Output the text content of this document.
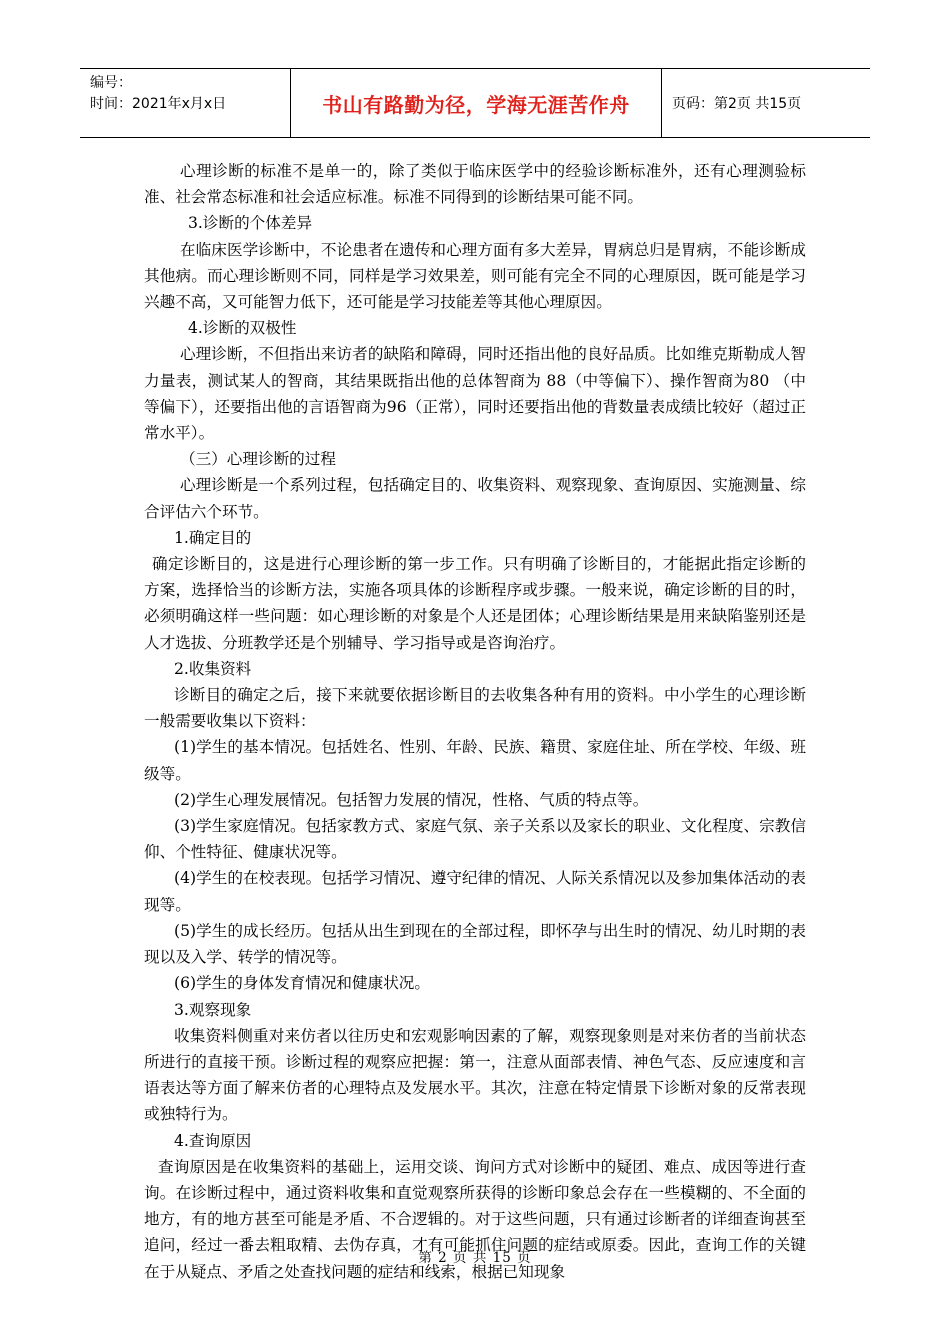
编号：
时间：2021年x月x日	书山有路勤为径，学海无涯苦作舟	页码：第2页 共15页

心理诊断的标准不是单一的，除了类似于临床医学中的经验诊断标准外，还有心理测验标准、社会常态标准和社会适应标准。标准不同得到的诊断结果可能不同。

3.诊断的个体差异

在临床医学诊断中，不论患者在遗传和心理方面有多大差异，胃病总归是胃病，不能诊断成其他病。而心理诊断则不同，同样是学习效果差，则可能有完全不同的心理原因，既可能是学习兴趣不高，又可能智力低下，还可能是学习技能差等其他心理原因。

4.诊断的双极性

心理诊断，不但指出来访者的缺陷和障碍，同时还指出他的良好品质。比如维克斯勒成人智力量表，测试某人的智商，其结果既指出他的总体智商为 88（中等偏下）、操作智商为80 （中等偏下），还要指出他的言语智商为96（正常），同时还要指出他的背数量表成绩比较好（超过正常水平）。

（三）心理诊断的过程

心理诊断是一个系列过程，包括确定目的、收集资料、观察现象、查询原因、实施测量、综合评估六个环节。

1.确定目的

确定诊断目的，这是进行心理诊断的第一步工作。只有明确了诊断目的，才能据此指定诊断的方案，选择恰当的诊断方法，实施各项具体的诊断程序或步骤。一般来说，确定诊断的目的时，必须明确这样一些问题：如心理诊断的对象是个人还是团体；心理诊断结果是用来缺陷鉴别还是人才选拔、分班教学还是个别辅导、学习指导或是咨询治疗。

2.收集资料

诊断目的确定之后，接下来就要依据诊断目的去收集各种有用的资料。中小学生的心理诊断一般需要收集以下资料：

(1)学生的基本情况。包括姓名、性别、年龄、民族、籍贯、家庭住址、所在学校、年级、班级等。

(2)学生心理发展情况。包括智力发展的情况，性格、气质的特点等。

(3)学生家庭情况。包括家教方式、家庭气氛、亲子关系以及家长的职业、文化程度、宗教信仰、个性特征、健康状况等。

(4)学生的在校表现。包括学习情况、遵守纪律的情况、人际关系情况以及参加集体活动的表现等。

(5)学生的成长经历。包括从出生到现在的全部过程，即怀孕与出生时的情况、幼儿时期的表现以及入学、转学的情况等。

(6)学生的身体发育情况和健康状况。

3.观察现象

收集资料侧重对来仿者以往历史和宏观影响因素的了解，观察现象则是对来仿者的当前状态所进行的直接干预。诊断过程的观察应把握：第一，注意从面部表情、神色气态、反应速度和言语表达等方面了解来仿者的心理特点及发展水平。其次，注意在特定情景下诊断对象的反常表现或独特行为。

4.查询原因

查询原因是在收集资料的基础上，运用交谈、询问方式对诊断中的疑团、难点、成因等进行查询。在诊断过程中，通过资料收集和直觉观察所获得的诊断印象总会存在一些模糊的、不全面的地方，有的地方甚至可能是矛盾、不合逻辑的。对于这些问题，只有通过诊断者的详细查询甚至追问，经过一番去粗取精、去伪存真，才有可能抓住问题的症结或原委。因此，查询工作的关键在于从疑点、矛盾之处查找问题的症结和线索，根据已知现象

第 2 页 共 15 页
